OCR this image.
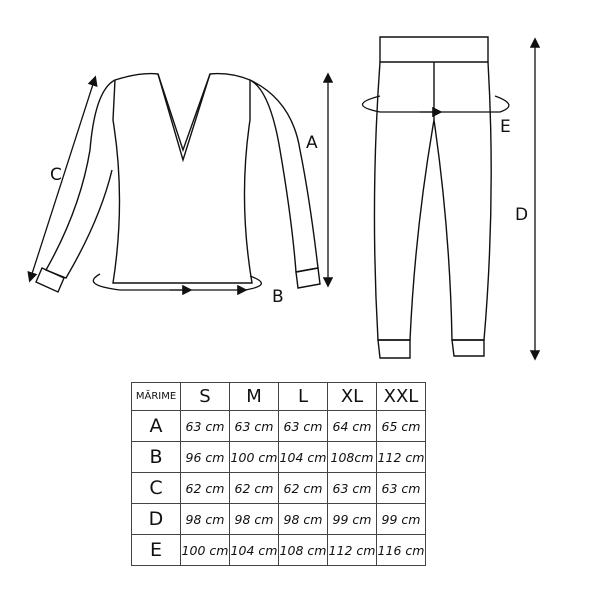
A
B
C
D
E
MĂRIME	S	M	L	XL	XXL
A	63 cm	63 cm	63 cm	64 cm	65 cm
B	96 cm	100 cm	104 cm	108cm	112 cm
C	62 cm	62 cm	62 cm	63 cm	63 cm
D	98 cm	98 cm	98 cm	99 cm	99 cm
E	100 cm	104 cm	108 cm	112 cm	116 cm
